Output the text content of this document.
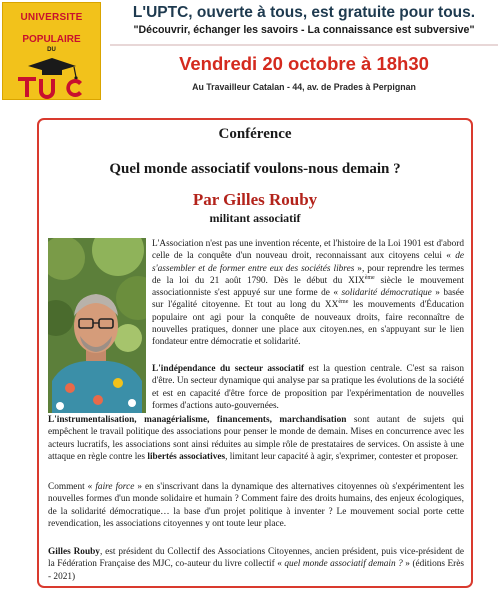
UNIVERSITE
POPULAIRE
DU
L'UPTC, ouverte à tous, est gratuite pour tous.
"Découvrir, échanger les savoirs - La connaissance est subversive"
Vendredi 20 octobre à 18h30
Au Travailleur Catalan - 44, av. de Prades à Perpignan
Conférence
Quel monde associatif voulons-nous demain ?
Par Gilles Rouby
militant associatif
L'Association n'est pas une invention récente, et l'histoire de la Loi 1901 est d'abord celle de la conquête d'un nouveau droit, reconnaissant aux citoyens celui « de s'assembler et de former entre eux des sociétés libres », pour reprendre les termes de la loi du 21 août 1790. Dès le début du XIXème siècle le mouvement associationniste s'est appuyé sur une forme de « solidarité démocratique » basée sur l'égalité citoyenne. Et tout au long du XXème les mouvements d'Éducation populaire ont agi pour la conquête de nouveaux droits, faire reconnaître de nouvelles pratiques, donner une place aux citoyen.nes, en s'appuyant sur le lien fondateur entre démocratie et solidarité.
L'indépendance du secteur associatif est la question centrale. C'est sa raison d'être. Un secteur dynamique qui analyse par sa pratique les évolutions de la société et est en capacité d'être force de proposition par l'expérimentation de nouvelles formes d'actions auto-gouvernées.
L'instrumentalisation, managérialisme, financements, marchandisation sont autant de sujets qui empêchent le travail politique des associations pour penser le monde de demain. Mises en concurrence avec les acteurs lucratifs, les associations sont ainsi réduites au simple rôle de prestataires de services. On assiste à une attaque en règle contre les libertés associatives, limitant leur capacité à agir, s'exprimer, contester et proposer.
Comment « faire force » en s'inscrivant dans la dynamique des alternatives citoyennes où s'expérimentent les nouvelles formes d'un monde solidaire et humain ? Comment faire des droits humains, des enjeux écologiques, de la solidarité démocratique… la base d'un projet politique à inventer ? Le mouvement social porte cette revendication, les associations citoyennes y ont toute leur place.
Gilles Rouby, est président du Collectif des Associations Citoyennes, ancien président, puis vice-président de la Fédération Française des MJC, co-auteur du livre collectif « quel monde associatif demain ? » (éditions Erès - 2021)
